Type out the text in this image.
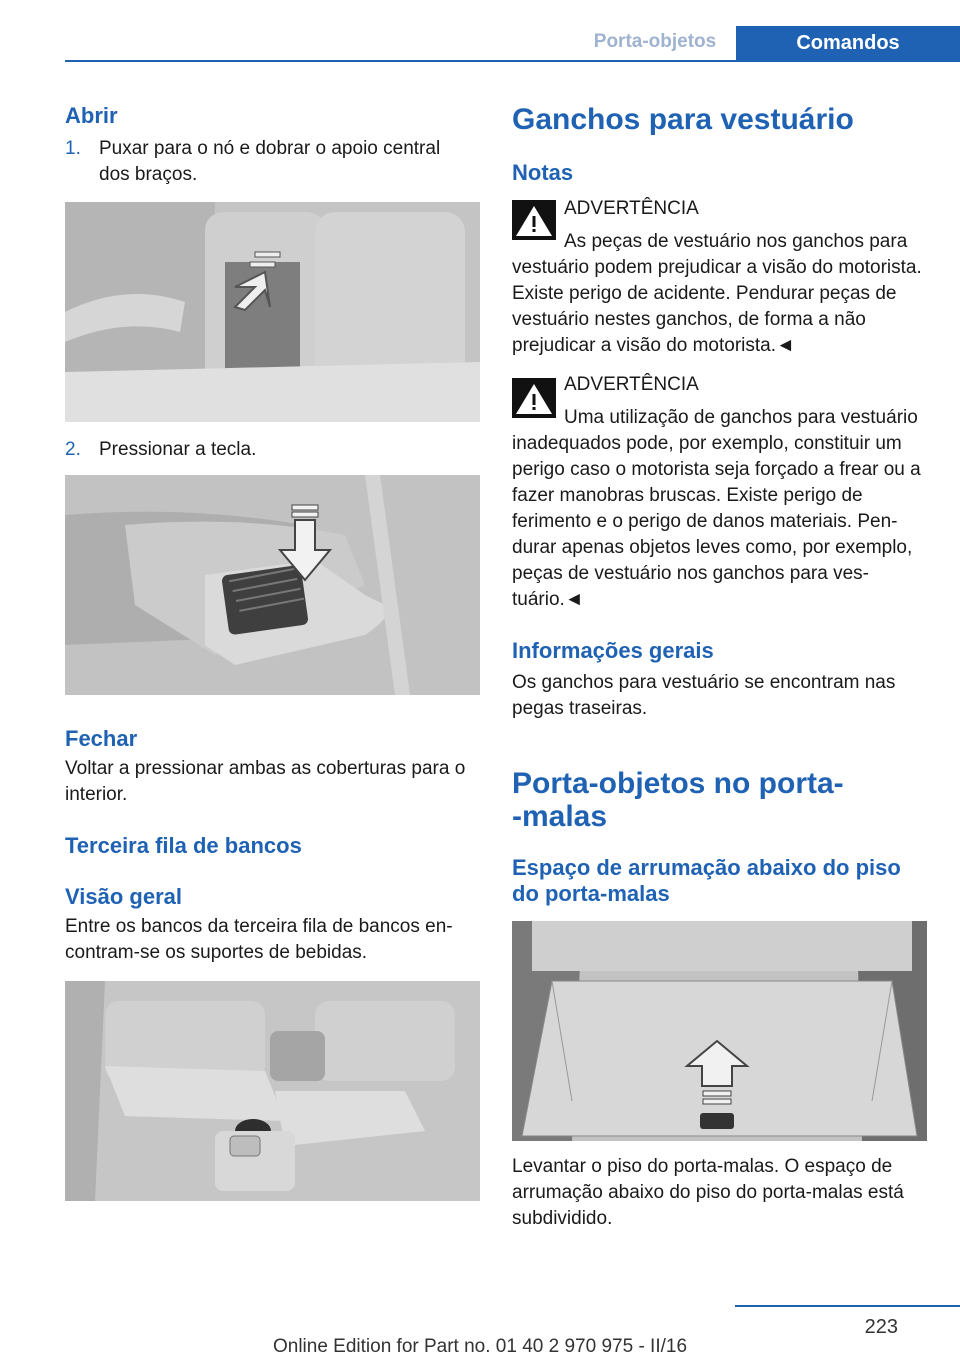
Porta-objetos	Comandos
Abrir
1. Puxar para o nó e dobrar o apoio central dos braços.
2. Pressionar a tecla.
Fechar
Voltar a pressionar ambas as coberturas para o interior.
Terceira fila de bancos
Visão geral
Entre os bancos da terceira fila de bancos encontram-se os suportes de bebidas.
Ganchos para vestuário
Notas
ADVERTÊNCIA
As peças de vestuário nos ganchos para vestuário podem prejudicar a visão do motorista. Existe perigo de acidente. Pendurar peças de vestuário nestes ganchos, de forma a não prejudicar a visão do motorista.◄
ADVERTÊNCIA
Uma utilização de ganchos para vestuário inadequados pode, por exemplo, constituir um perigo caso o motorista seja forçado a frear ou a fazer manobras bruscas. Existe perigo de ferimento e o perigo de danos materiais. Pendurar apenas objetos leves como, por exemplo, peças de vestuário nos ganchos para vestuário.◄
Informações gerais
Os ganchos para vestuário se encontram nas pegas traseiras.
Porta-objetos no porta-
-malas
Espaço de arrumação abaixo do piso
do porta-malas
Levantar o piso do porta-malas. O espaço de arrumação abaixo do piso do porta-malas está subdividido.
223
Online Edition for Part no. 01 40 2 970 975 - II/16
